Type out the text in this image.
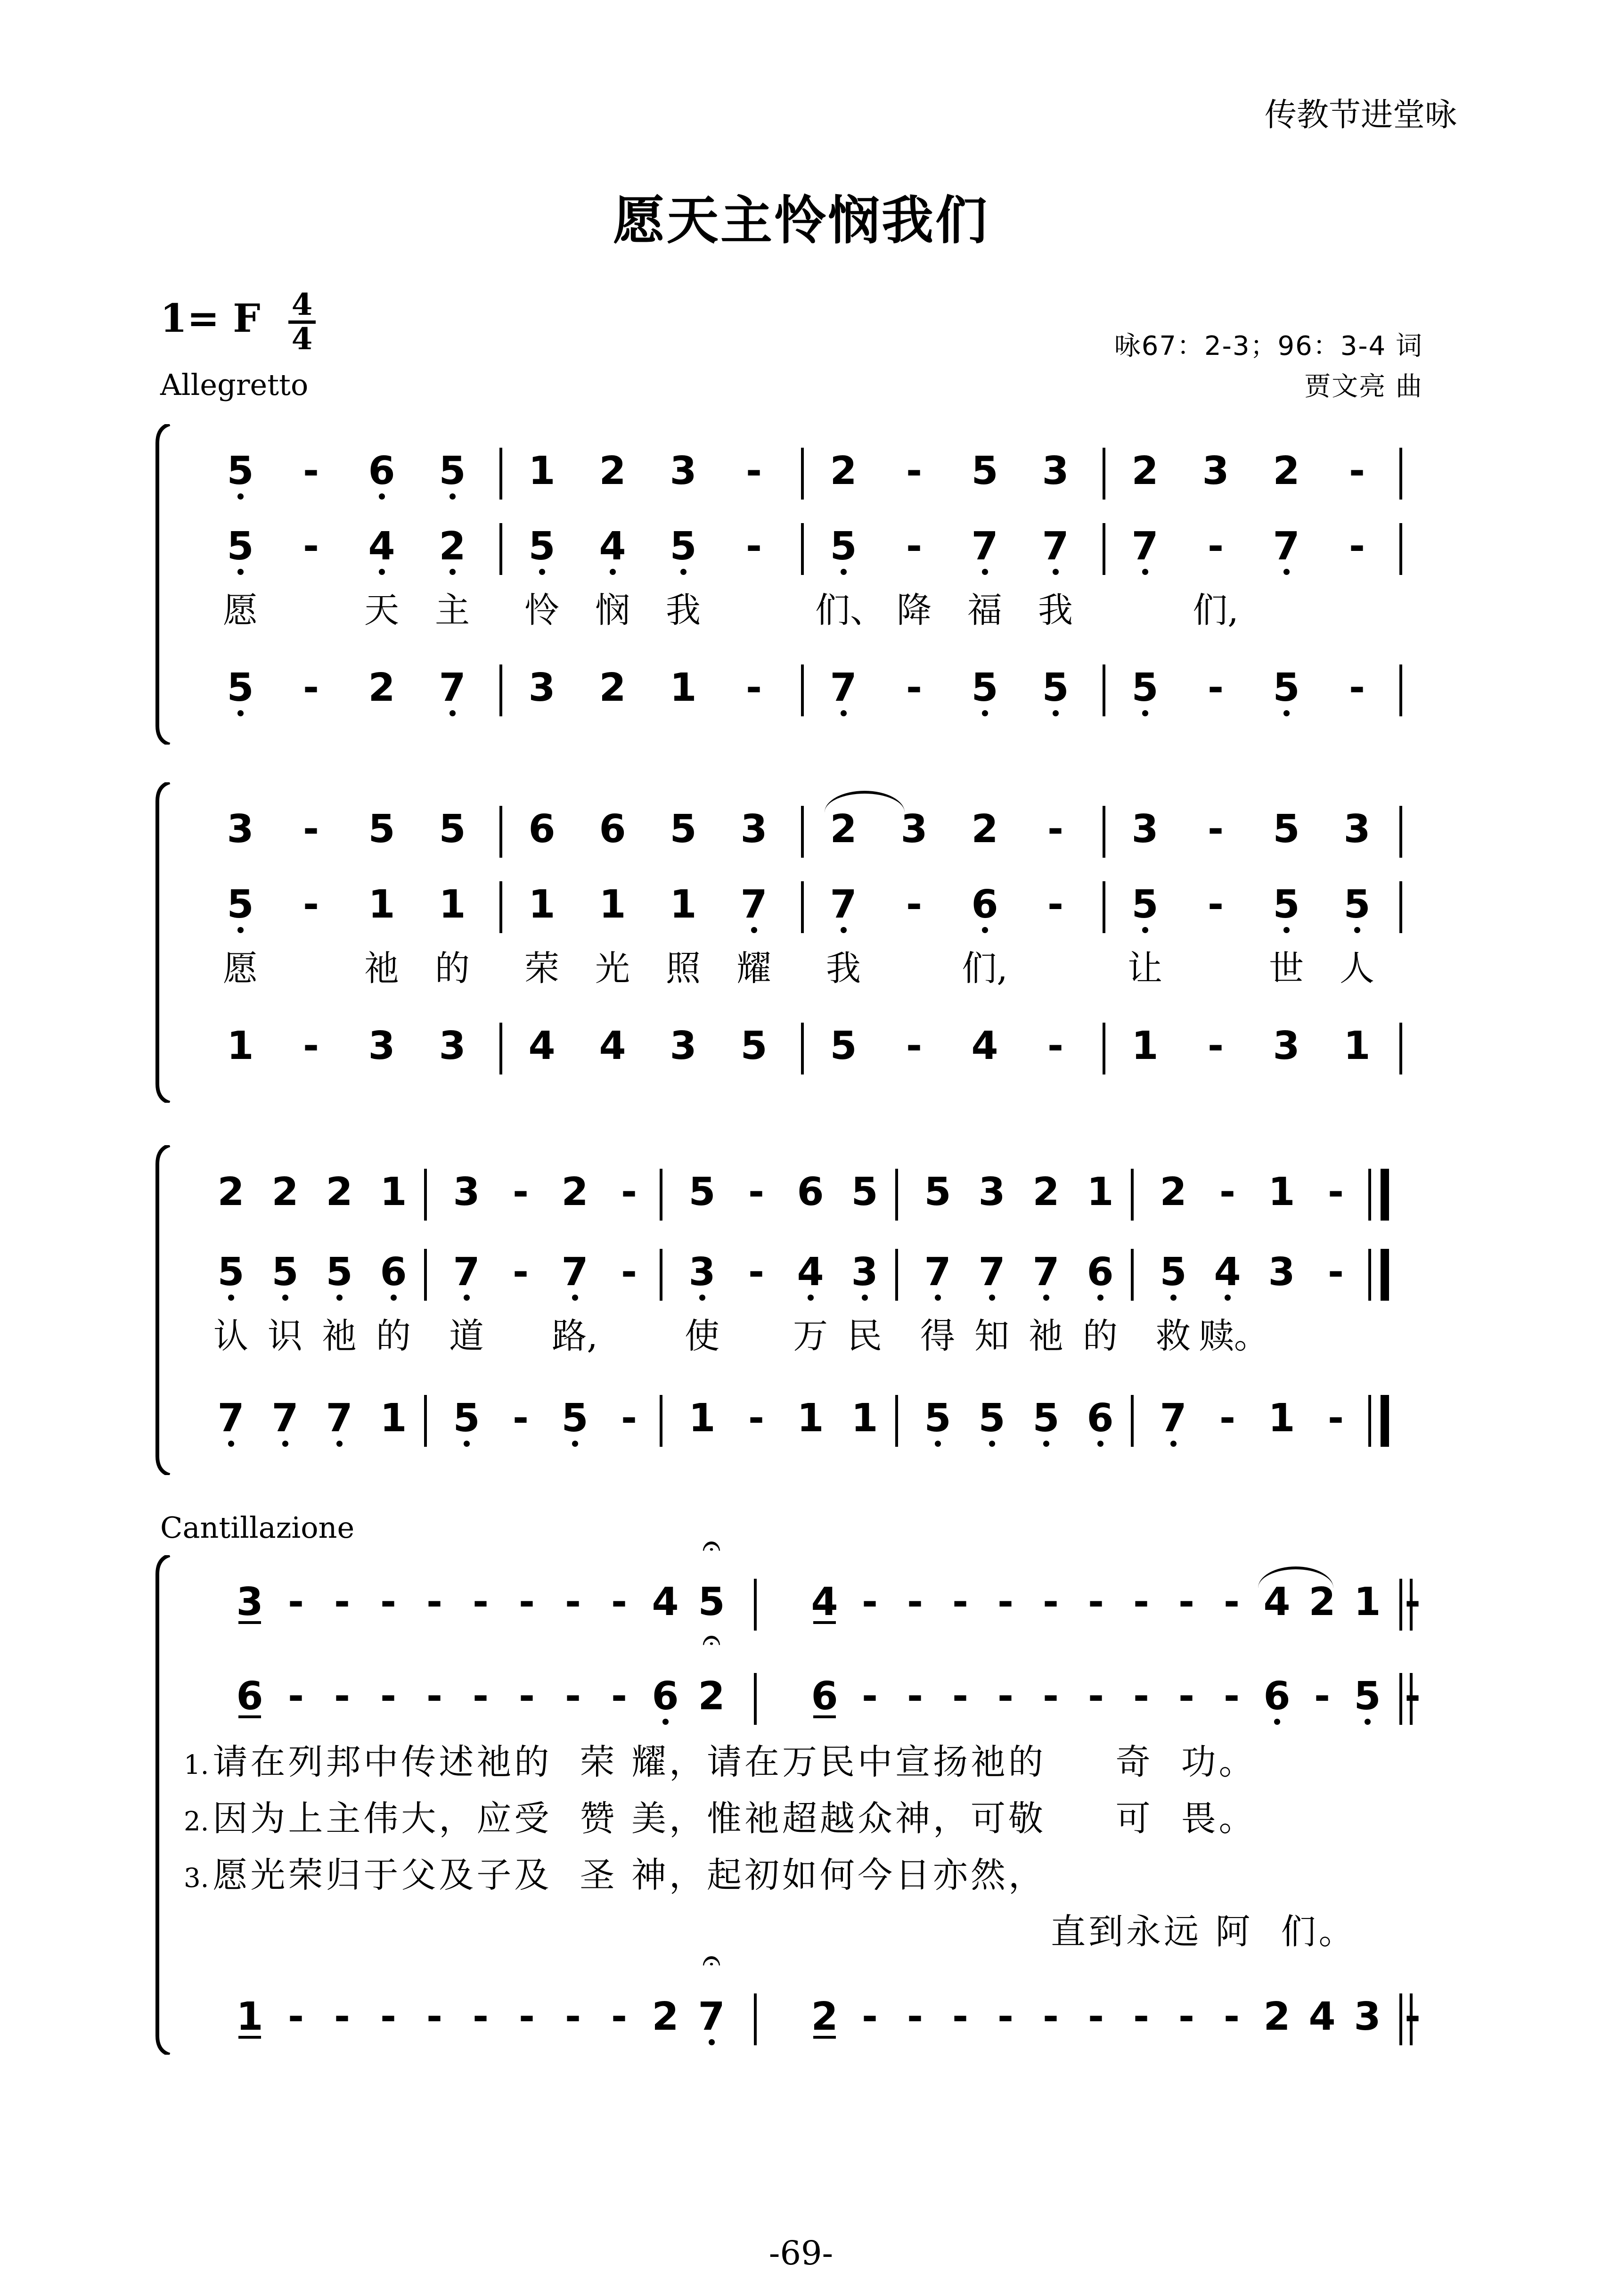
传教节进堂咏
愿天主怜悯我们
1= F 4
4
Allegretto
咏67：2-3；96：3-4 词
贾文亮 曲
5	-	6	5	1	2	3	-	2	-	5	3	2	3	2	-
5	-	4	2	5	4	5	-	5	-	7	7	7	-	7	-
愿	天	主	怜	悯	我	们、 降	福	我	们,
5	-	2	7	3	2	1	-	7	-	5	5	5	-	5	-
3	-	5	5	6	6	5	3	2	3	2	-	3	-	5	3
5	-	1	1	1	1	1	7	7	-	6	-	5	-	5	5
愿	祂	的	荣	光	照	耀	我	们,	让	世	人
1	-	3	3	4	4	3	5	5	-	4	-	1	-	3	1
2 2 2 1	3 - 2 -	5 - 6 5	5 3 2 1	2 - 1 -
5 5 5 6	7 - 7 -	3 - 4 3	7 7 7 6	5 4 3 -
认 识 祂 的	道	路,	使	万 民	得 知 祂 的	救 赎。
7 7 7 1	5 - 5 -	1 - 1 1	5 5 5 6	7 - 1 -
Cantillazione
3 - - - - - - - - 4 𝄐 5	4 - - - - - - - - - 4 2 1 -
6 - - - - - - - - 6 𝄐 2	6 - - - - - - - - - 6 - 5 -
1 - - - - - - - - 2 𝄐 7	2 - - - - - - - - - 2 4 3 -
1. 请在列邦中传述祂的  荣 耀，请在万民中宣扬祂的     奇  功。
2. 因为上主伟大，应受  赞 美，惟祂超越众神，可敬     可  畏。
3. 愿光荣归于父及子及  圣 神，起初如何今日亦然，
直到永远 阿  们。
-69-
